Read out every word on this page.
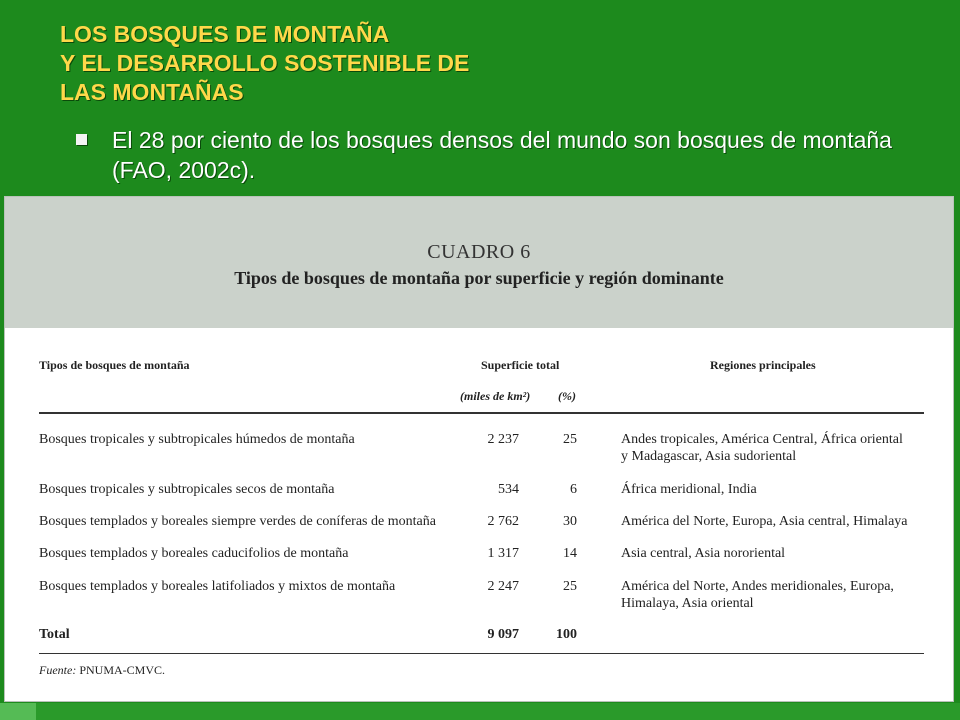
LOS BOSQUES DE MONTAÑA
Y EL DESARROLLO SOSTENIBLE DE
LAS MONTAÑAS
El 28 por ciento de los bosques densos del mundo son bosques de montaña (FAO, 2002c).
CUADRO 6
Tipos de bosques de montaña por superficie y región dominante
Tipos de bosques de montaña	Superficie total	Regiones principales
(miles de km²) (%)
Bosques tropicales y subtropicales húmedos de montaña	2 237	25	Andes tropicales, América Central, África oriental
y Madagascar, Asia sudoriental
Bosques tropicales y subtropicales secos de montaña	534	6	África meridional, India
Bosques templados y boreales siempre verdes de coníferas de montaña	2 762	30	América del Norte, Europa, Asia central, Himalaya
Bosques templados y boreales caducifolios de montaña	1 317	14	Asia central, Asia nororiental
Bosques templados y boreales latifoliados y mixtos de montaña	2 247	25	América del Norte, Andes meridionales, Europa,
Himalaya, Asia oriental
Total	9 097	100
Fuente: PNUMA-CMVC.
